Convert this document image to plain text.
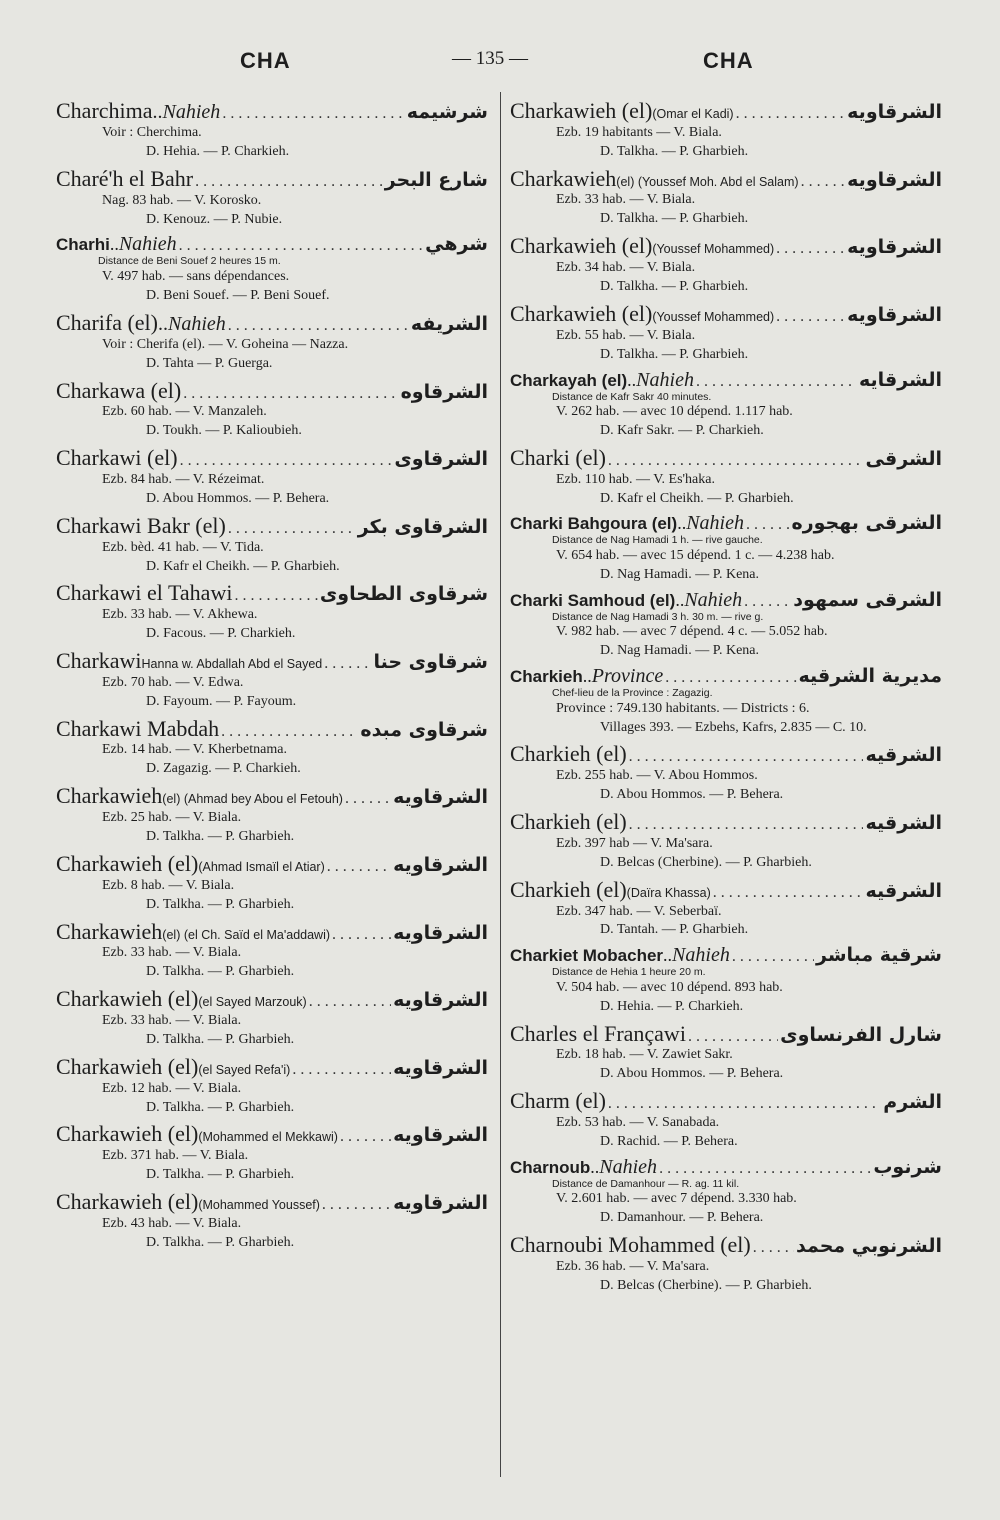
CHA	— 135 —	CHA
Charchima .. Nahieh . . .	شرشيمه
Voir : Cherchima.
D. Hehia. — P. Charkieh.
Charé'h el Bahr . . .	شارع البحر
Nag. 83 hab. — V. Korosko.
D. Kenouz. — P. Nubie.
Charhi .. Nahieh . . .	شرهي
Distance de Beni Souef 2 heures 15 m.
V. 497 hab. — sans dépendances.
D. Beni Souef. — P. Beni Souef.
Charifa (el) .. Nahieh . . .	الشريفه
Voir : Cherifa (el). — V. Goheina — Nazza.
D. Tahta — P. Guerga.
Charkawa (el) . . .	الشرقاوه
Ezb. 60 hab. — V. Manzaleh.
D. Toukh. — P. Kalioubieh.
Charkawi (el) . . .	الشرقاوى
Ezb. 84 hab. — V. Rézeimat.
D. Abou Hommos. — P. Behera.
Charkawi Bakr (el) . . .	الشرقاوى بكر
Ezb. bèd. 41 hab. — V. Tida.
D. Kafr el Cheikh. — P. Gharbieh.
Charkawi el Tahawi . . .	شرقاوى الطحاوى
Ezb. 33 hab. — V. Akhewa.
D. Facous. — P. Charkieh.
Charkawi Hanna w. Abdallah Abd el Sayed . . .	شرقاوى حنا
Ezb. 70 hab. — V. Edwa.
D. Fayoum. — P. Fayoum.
Charkawi Mabdah . . .	شرقاوى مبده
Ezb. 14 hab. — V. Kherbetnama.
D. Zagazig. — P. Charkieh.
Charkawieh (el) (Ahmad bey Abou el Fetouh) . . .	الشرقاويه
Ezb. 25 hab. — V. Biala.
D. Talkha. — P. Gharbieh.
Charkawieh (el) (Ahmad Ismaïl el Atiar) . . .	الشرقاويه
Ezb. 8 hab. — V. Biala.
D. Talkha. — P. Gharbieh.
Charkawieh (el) (el Ch. Saïd el Ma'addawi) . . .	الشرقاويه
Ezb. 33 hab. — V. Biala.
D. Talkha. — P. Gharbieh.
Charkawieh (el) (el Sayed Marzouk) . . .	الشرقاويه
Ezb. 33 hab. — V. Biala.
D. Talkha. — P. Gharbieh.
Charkawieh (el) (el Sayed Refa'i) . . .	الشرقاويه
Ezb. 12 hab. — V. Biala.
D. Talkha. — P. Gharbieh.
Charkawieh (el) (Mohammed el Mekkawi) . . .	الشرقاويه
Ezb. 371 hab. — V. Biala.
D. Talkha. — P. Gharbieh.
Charkawieh (el) (Mohammed Youssef) . . .	الشرقاويه
Ezb. 43 hab. — V. Biala.
D. Talkha. — P. Gharbieh.
Charkawieh (el) (Omar el Kadi) . . .	الشرقاويه
Ezb. 19 habitants — V. Biala.
D. Talkha. — P. Gharbieh.
Charkawieh (el) (Youssef Moh. Abd el Salam) . . .	الشرقاويه
Ezb. 33 hab. — V. Biala.
D. Talkha. — P. Gharbieh.
Charkawieh (el) (Youssef Mohammed) . . .	الشرقاويه
Ezb. 34 hab. — V. Biala.
D. Talkha. — P. Gharbieh.
Charkawieh (el) (Youssef Mohammed) . . .	الشرقاويه
Ezb. 55 hab. — V. Biala.
D. Talkha. — P. Gharbieh.
Charkayah (el) .. Nahieh . . .	الشرقايه
Distance de Kafr Sakr 40 minutes.
V. 262 hab. — avec 10 dépend. 1.117 hab.
D. Kafr Sakr. — P. Charkieh.
Charki (el) . . .	الشرقى
Ezb. 110 hab. — V. Es'haka.
D. Kafr el Cheikh. — P. Gharbieh.
Charki Bahgoura (el) .. Nahieh . . .	الشرقى بهجوره
Distance de Nag Hamadi 1 h. — rive gauche.
V. 654 hab. — avec 15 dépend. 1 c. — 4.238 hab.
D. Nag Hamadi. — P. Kena.
Charki Samhoud (el) .. Nahieh . . .	الشرقى سمهود
Distance de Nag Hamadi 3 h. 30 m. — rive g.
V. 982 hab. — avec 7 dépend. 4 c. — 5.052 hab.
D. Nag Hamadi. — P. Kena.
Charkieh .. Province . . .	مديرية الشرقيه
Chef-lieu de la Province : Zagazig.
Province : 749.130 habitants. — Districts : 6.
Villages 393. — Ezbehs, Kafrs, 2.835 — C. 10.
Charkieh (el) . . .	الشرقيه
Ezb. 255 hab. — V. Abou Hommos.
D. Abou Hommos. — P. Behera.
Charkieh (el) . . .	الشرقيه
Ezb. 397 hab — V. Ma'sara.
D. Belcas (Cherbine). — P. Gharbieh.
Charkieh (el) (Daïra Khassa) . . .	الشرقيه
Ezb. 347 hab. — V. Seberbaï.
D. Tantah. — P. Gharbieh.
Charkiet Mobacher .. Nahieh . . .	شرقية مباشر
Distance de Hehia 1 heure 20 m.
V. 504 hab. — avec 10 dépend. 893 hab.
D. Hehia. — P. Charkieh.
Charles el Françawi . . .	شارل الفرنساوى
Ezb. 18 hab. — V. Zawiet Sakr.
D. Abou Hommos. — P. Behera.
Charm (el) . . .	الشرم
Ezb. 53 hab. — V. Sanabada.
D. Rachid. — P. Behera.
Charnoub .. Nahieh . . .	شرنوب
Distance de Damanhour — R. ag. 11 kil.
V. 2.601 hab. — avec 7 dépend. 3.330 hab.
D. Damanhour. — P. Behera.
Charnoubi Mohammed (el) . . . الشرنوبي محمد
Ezb. 36 hab. — V. Ma'sara.
D. Belcas (Cherbine). — P. Gharbieh.
